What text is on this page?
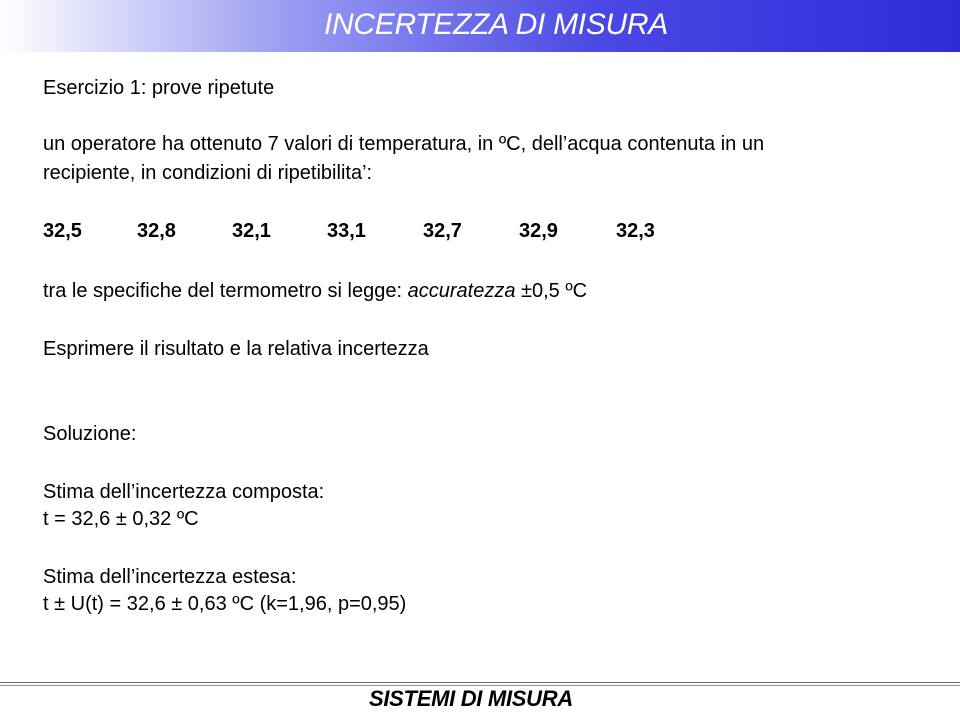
INCERTEZZA DI MISURA
Esercizio 1: prove ripetute
un operatore ha ottenuto 7 valori di temperatura, in ºC, dell’acqua contenuta in un
recipiente, in condizioni di ripetibilita’:
32,5	32,8	32,1	33,1	32,7	32,9	32,3
tra le specifiche del termometro si legge: accuratezza ±0,5 ºC
Esprimere il risultato e la relativa incertezza
Soluzione:
Stima dell’incertezza composta:
t = 32,6 ± 0,32 ºC
Stima dell’incertezza estesa:
t ± U(t) = 32,6 ± 0,63 ºC (k=1,96, p=0,95)
SISTEMI DI MISURA
